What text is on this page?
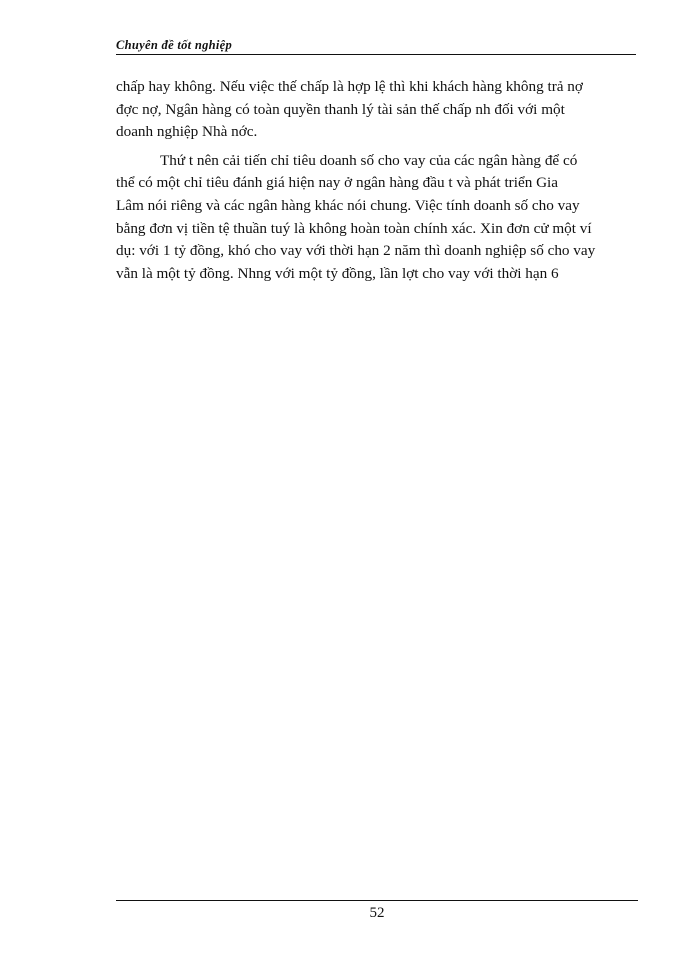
Chuyên đề tốt nghiệp

chấp hay không. Nếu việc thế chấp là hợp lệ thì khi khách hàng không trả nợ
đợc nợ, Ngân hàng có toàn quyền thanh lý tài sản thế chấp nh đối với một
doanh nghiệp Nhà nớc.

Thứ t nên cải tiến chỉ tiêu doanh số cho vay của các ngân hàng để có
thể có một chỉ tiêu đánh giá hiện nay ở ngân hàng đầu t và phát triển Gia
Lâm nói riêng và các ngân hàng khác nói chung. Việc tính doanh số cho vay
bằng đơn vị tiền tệ thuần tuý là không hoàn toàn chính xác. Xin đơn cử một ví
dụ: với 1 tỷ đồng, khó cho vay với thời hạn 2 năm thì doanh nghiệp số cho vay
vẫn là một tỷ đồng. Nhng với một tỷ đồng, lần lợt cho vay với thời hạn 6

52
